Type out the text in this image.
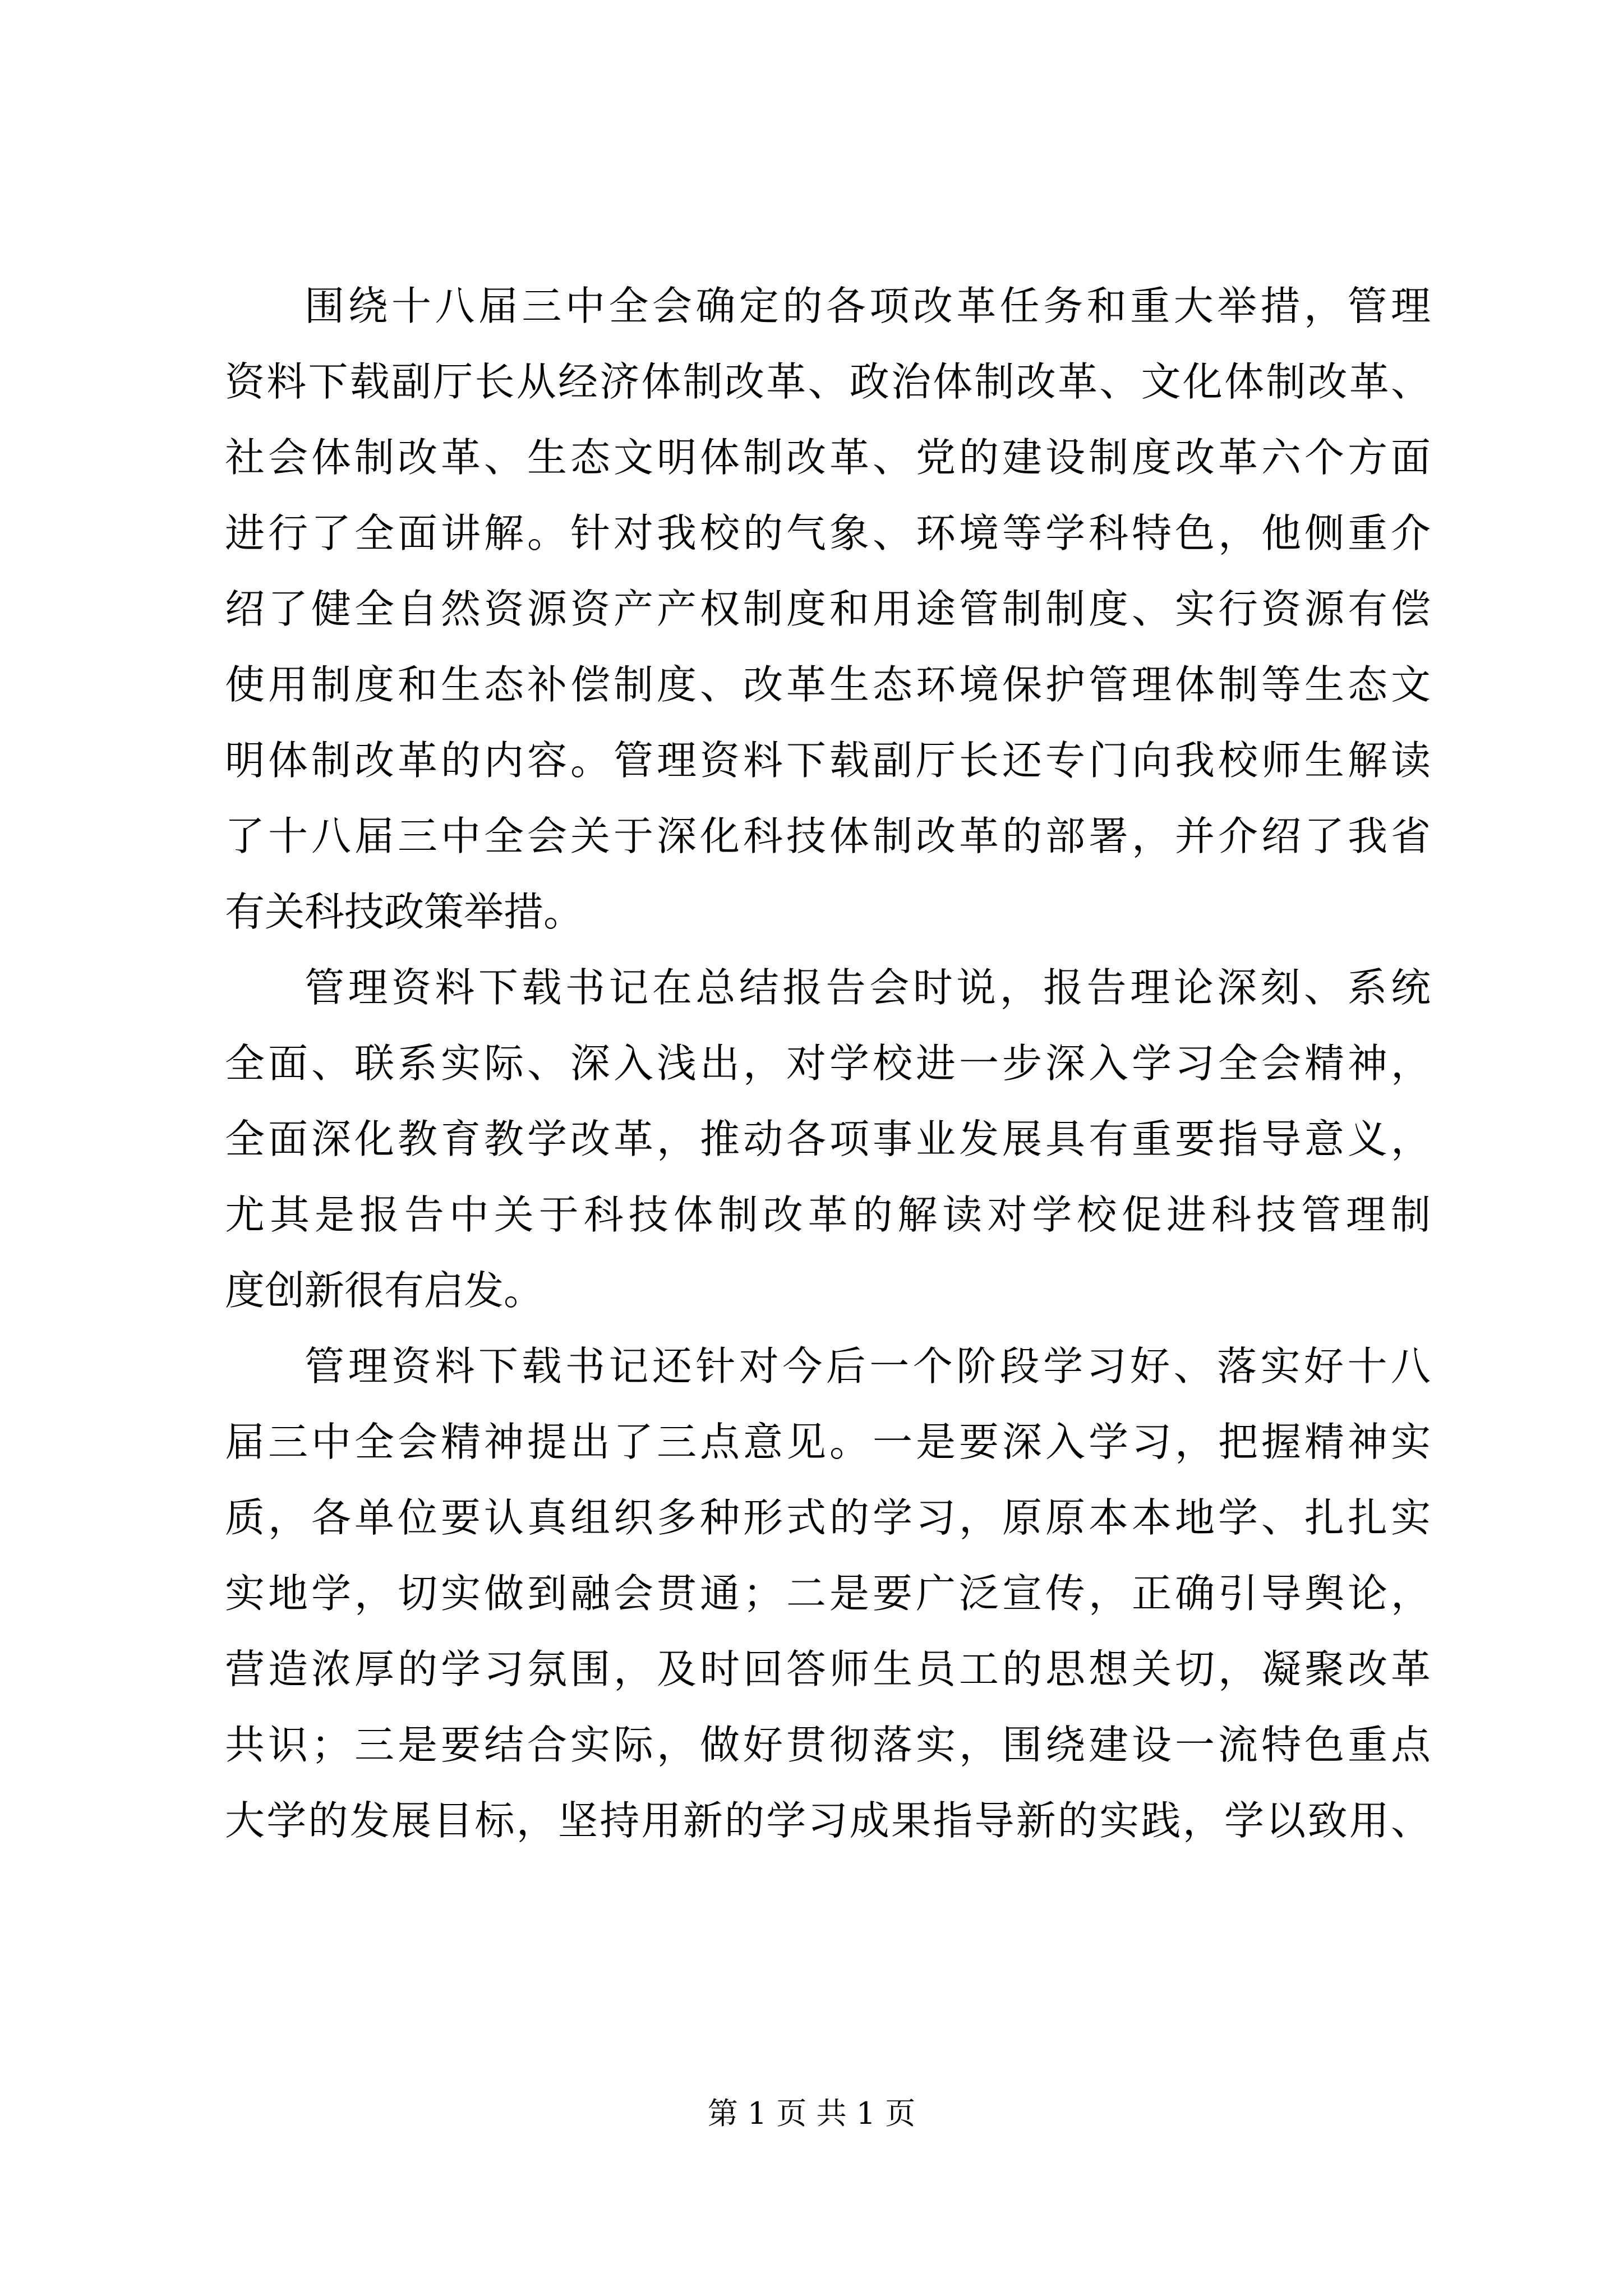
围绕十八届三中全会确定的各项改革任务和重大举措，管理
资料下载副厅长从经济体制改革、政治体制改革、文化体制改革、
社会体制改革、生态文明体制改革、党的建设制度改革六个方面
进行了全面讲解。针对我校的气象、环境等学科特色，他侧重介
绍了健全自然资源资产产权制度和用途管制制度、实行资源有偿
使用制度和生态补偿制度、改革生态环境保护管理体制等生态文
明体制改革的内容。管理资料下载副厅长还专门向我校师生解读
了十八届三中全会关于深化科技体制改革的部署，并介绍了我省
有关科技政策举措。
管理资料下载书记在总结报告会时说，报告理论深刻、系统
全面、联系实际、深入浅出，对学校进一步深入学习全会精神，
全面深化教育教学改革，推动各项事业发展具有重要指导意义，
尤其是报告中关于科技体制改革的解读对学校促进科技管理制
度创新很有启发。
管理资料下载书记还针对今后一个阶段学习好、落实好十八
届三中全会精神提出了三点意见。一是要深入学习，把握精神实
质，各单位要认真组织多种形式的学习，原原本本地学、扎扎实
实地学，切实做到融会贯通；二是要广泛宣传，正确引导舆论，
营造浓厚的学习氛围，及时回答师生员工的思想关切，凝聚改革
共识；三是要结合实际，做好贯彻落实，围绕建设一流特色重点
大学的发展目标，坚持用新的学习成果指导新的实践，学以致用、
第 1 页 共 1 页
